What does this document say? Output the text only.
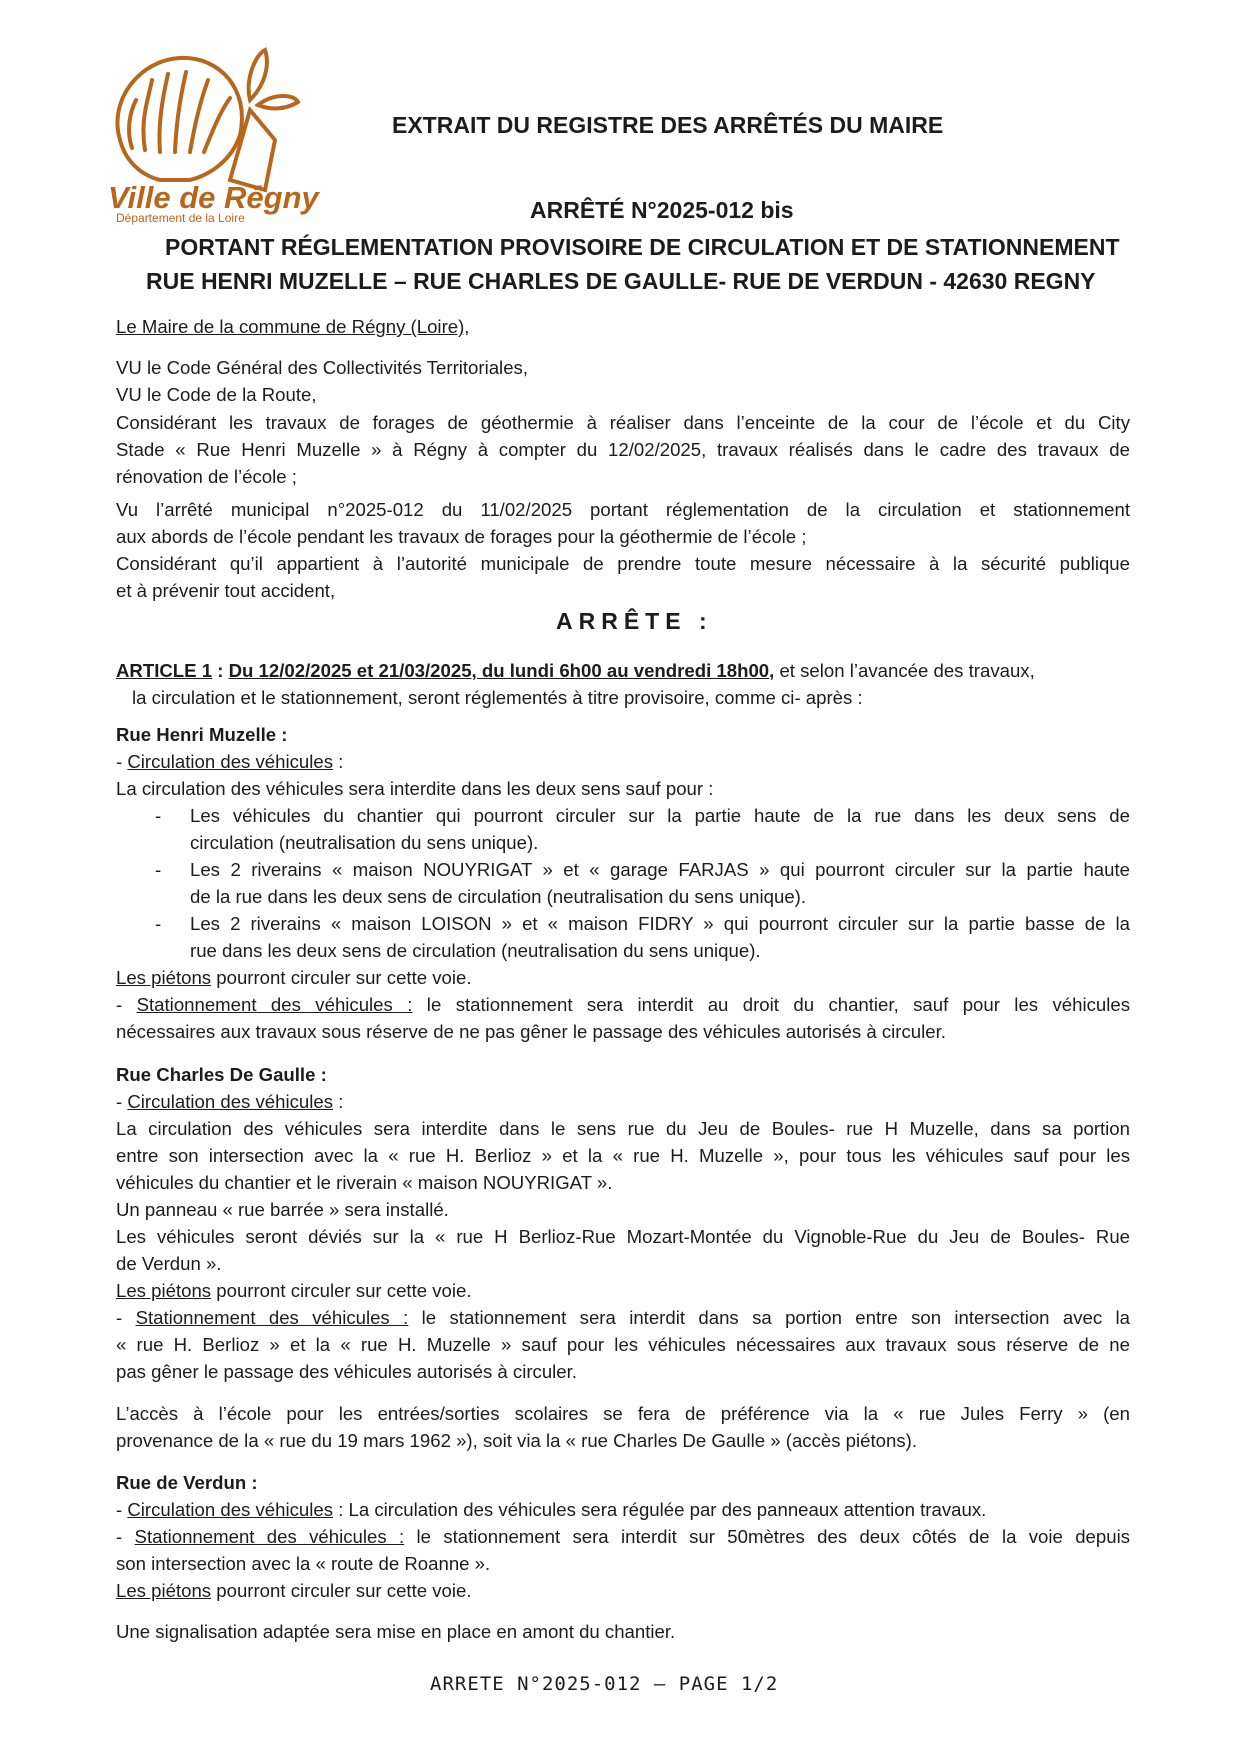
Ville de Régny
Département de la Loire
EXTRAIT DU REGISTRE DES ARRÊTÉS DU MAIRE
ARRÊTÉ N°2025-012 bis
PORTANT RÉGLEMENTATION PROVISOIRE DE CIRCULATION ET DE STATIONNEMENT
RUE HENRI MUZELLE – RUE CHARLES DE GAULLE- RUE DE VERDUN - 42630 REGNY
Le Maire de la commune de Régny (Loire),
VU le Code Général des Collectivités Territoriales,
VU le Code de la Route,
Considérant les travaux de forages de géothermie à réaliser dans l’enceinte de la cour de l’école et du City
Stade « Rue Henri Muzelle » à Régny à compter du 12/02/2025, travaux réalisés dans le cadre des travaux de
rénovation de l’école ;
Vu l’arrêté municipal n°2025-012 du 11/02/2025 portant réglementation de la circulation et stationnement
aux abords de l’école pendant les travaux de forages pour la géothermie de l’école ;
Considérant qu’il appartient à l’autorité municipale de prendre toute mesure nécessaire à la sécurité publique
et à prévenir tout accident,
ARRÊTE :
ARTICLE 1 : Du 12/02/2025 et 21/03/2025, du lundi 6h00 au vendredi 18h00, et selon l’avancée des travaux,
la circulation et le stationnement, seront réglementés à titre provisoire, comme ci- après :
Rue Henri Muzelle :
- Circulation des véhicules :
La circulation des véhicules sera interdite dans les deux sens sauf pour :
- Les véhicules du chantier qui pourront circuler sur la partie haute de la rue dans les deux sens de
circulation (neutralisation du sens unique).
- Les 2 riverains « maison NOUYRIGAT » et « garage FARJAS » qui pourront circuler sur la partie haute
de la rue dans les deux sens de circulation (neutralisation du sens unique).
- Les 2 riverains « maison LOISON » et « maison FIDRY » qui pourront circuler sur la partie basse de la
rue dans les deux sens de circulation (neutralisation du sens unique).
Les piétons pourront circuler sur cette voie.
- Stationnement des véhicules : le stationnement sera interdit au droit du chantier, sauf pour les véhicules
nécessaires aux travaux sous réserve de ne pas gêner le passage des véhicules autorisés à circuler.
Rue Charles De Gaulle :
- Circulation des véhicules :
La circulation des véhicules sera interdite dans le sens rue du Jeu de Boules- rue H Muzelle, dans sa portion
entre son intersection avec la « rue H. Berlioz » et la « rue H. Muzelle », pour tous les véhicules sauf pour les
véhicules du chantier et le riverain « maison NOUYRIGAT ».
Un panneau « rue barrée » sera installé.
Les véhicules seront déviés sur la « rue H Berlioz-Rue Mozart-Montée du Vignoble-Rue du Jeu de Boules- Rue
de Verdun ».
Les piétons pourront circuler sur cette voie.
- Stationnement des véhicules : le stationnement sera interdit dans sa portion entre son intersection avec la
« rue H. Berlioz » et la « rue H. Muzelle » sauf pour les véhicules nécessaires aux travaux sous réserve de ne
pas gêner le passage des véhicules autorisés à circuler.
L’accès à l’école pour les entrées/sorties scolaires se fera de préférence via la « rue Jules Ferry » (en
provenance de la « rue du 19 mars 1962 »), soit via la « rue Charles De Gaulle » (accès piétons).
Rue de Verdun :
- Circulation des véhicules : La circulation des véhicules sera régulée par des panneaux attention travaux.
- Stationnement des véhicules : le stationnement sera interdit sur 50mètres des deux côtés de la voie depuis
son intersection avec la « route de Roanne ».
Les piétons pourront circuler sur cette voie.
Une signalisation adaptée sera mise en place en amont du chantier.
ARRETE N°2025-012 – PAGE 1/2
